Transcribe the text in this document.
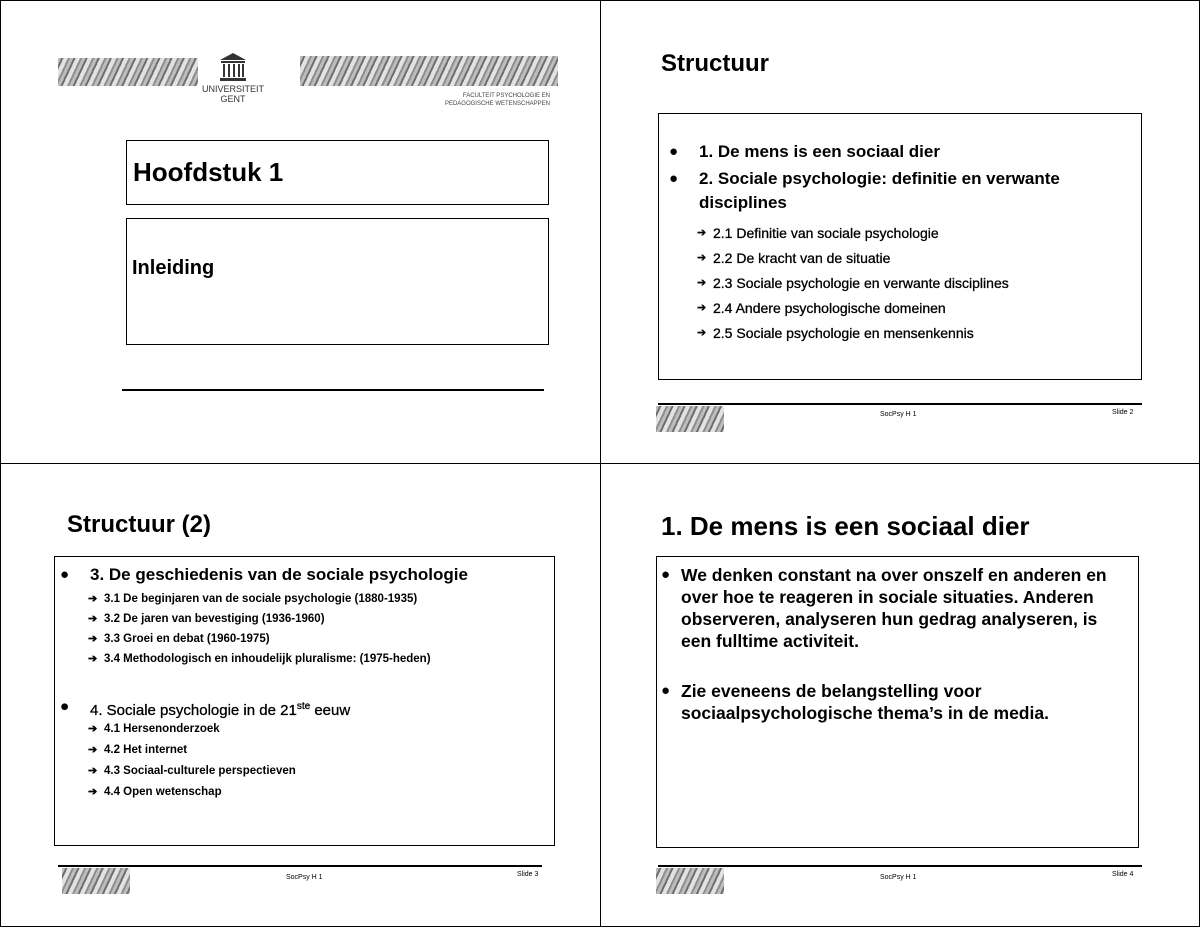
UNIVERSITEIT
GENT	FACULTEIT PSYCHOLOGIE EN
PEDAGOGISCHE WETENSCHAPPEN
Hoofdstuk 1
Inleiding
Structuur
● 1. De mens is een sociaal dier
● 2. Sociale psychologie: definitie en verwante disciplines
➔ 2.1 Definitie van sociale psychologie
➔ 2.2 De kracht van de situatie
➔ 2.3 Sociale psychologie en verwante disciplines
➔ 2.4 Andere psychologische domeinen
➔ 2.5 Sociale psychologie en mensenkennis
SocPsy H 1	Slide 2
Structuur (2)
● 3. De geschiedenis van de sociale psychologie
➔ 3.1 De beginjaren van de sociale psychologie (1880-1935)
➔ 3.2 De jaren van bevestiging (1936-1960)
➔ 3.3 Groei en debat (1960-1975)
➔ 3.4 Methodologisch en inhoudelijk pluralisme: (1975-heden)
● 4. Sociale psychologie in de 21ste eeuw
➔ 4.1 Hersenonderzoek
➔ 4.2 Het internet
➔ 4.3 Sociaal-culturele perspectieven
➔ 4.4 Open wetenschap
SocPsy H 1	Slide 3
1. De mens is een sociaal dier
● We denken constant na over onszelf en anderen en over hoe te reageren in sociale situaties. Anderen observeren, analyseren hun gedrag analyseren, is een fulltime activiteit.
● Zie eveneens de belangstelling voor sociaalpsychologische thema’s in de media.
SocPsy H 1	Slide 4
